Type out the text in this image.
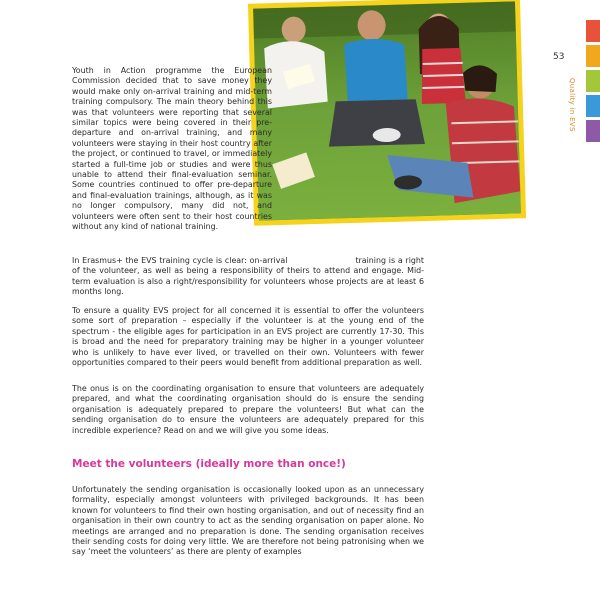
53
Quality in EVS

Youth in Action programme the European Commission decided that to save money they would make only on-arrival training and mid-term training compulsory. The main theory behind this was that volunteers were reporting that several similar topics were being covered in their pre-departure and on-arrival training, and many volunteers were staying in their host country after the project, or continued to travel, or immediately started a full-time job or studies and were thus unable to attend their final-evaluation seminar. Some countries continued to offer pre-departure and final-evaluation trainings, although, as it was no longer compulsory, many did not, and volunteers were often sent to their host countries without any kind of national training.

In Erasmus+ the EVS training cycle is clear: on-arrival	training is a right of the volunteer, as well as being a responsibility of theirs to attend and engage. Mid-term evaluation is also a right/responsibility for volunteers whose projects are at least 6 months long.

To ensure a quality EVS project for all concerned it is essential to offer the volunteers some sort of preparation – especially if the volunteer is at the young end of the spectrum - the eligible ages for participation in an EVS project are currently 17-30. This is broad and the need for preparatory training may be higher in a younger volunteer who is unlikely to have ever lived, or travelled on their own. Volunteers with fewer opportunities compared to their peers would benefit from additional preparation as well.

The onus is on the coordinating organisation to ensure that volunteers are adequately prepared, and what the coordinating organisation should do is ensure the sending organisation is adequately prepared to prepare the volunteers! But what can the sending organisation do to ensure the volunteers are adequately prepared for this incredible experience? Read on and we will give you some ideas.

Meet the volunteers (ideally more than once!)

Unfortunately the sending organisation is occasionally looked upon as an unnecessary formality, especially amongst volunteers with privileged backgrounds. It has been known for volunteers to find their own hosting organisation, and out of necessity find an organisation in their own country to act as the sending organisation on paper alone. No meetings are arranged and no preparation is done. The sending organisation receives their sending costs for doing very little. We are therefore not being patronising when we say ‘meet the volunteers’ as there are plenty of examples
